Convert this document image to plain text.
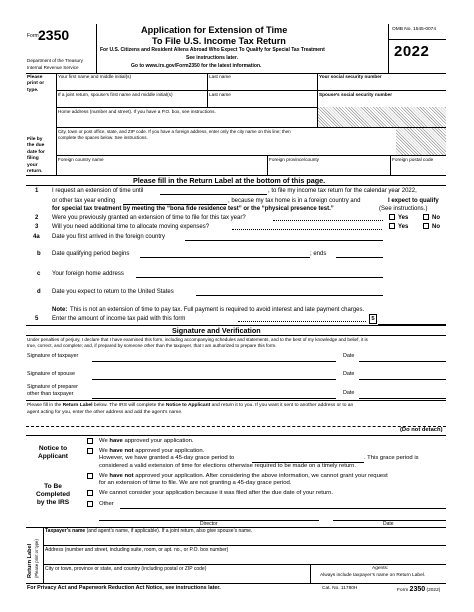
Form 2350
Department of the Treasury
Internal Revenue Service
Application for Extension of Time
To File U.S. Income Tax Return
For U.S. Citizens and Resident Aliens Abroad Who Expect To Qualify for Special Tax Treatment
See instructions later.
Go to www.irs.gov/Form2350 for the latest information.
OMB No. 1545-0074
2022
Please
print or
type.
File by
the due
date for
filing
your
return.
Your first name and middle initial(s)	Last name	Your social security number
If a joint return, spouse’s first name and middle initial(s)	Last name	Spouse’s social security number
Home address (number and street). If you have a P.O. box, see instructions.
City, town or post office, state, and ZIP code. If you have a foreign address, enter only the city name on this line; then
complete the spaces below. See instructions.
Foreign country name	Foreign province/county	Foreign postal code
Please fill in the Return Label at the bottom of this page.
1 I request an extension of time until	, to file my income tax return for the calendar year 2022,
or other tax year ending	, because my tax home is in a foreign country and	I expect to qualify
for special tax treatment by meeting the “bona fide residence test” or the “physical presence test.”	(See instructions.)
2 Were you previously granted an extension of time to file for this tax year?	Yes	No
3 Will you need additional time to allocate moving expenses?	Yes	No
4a Date you first arrived in the foreign country
b Date qualifying period begins	; ends
c Your foreign home address
d Date you expect to return to the United States
Note: This is not an extension of time to pay tax. Full payment is required to avoid interest and late payment charges.
5 Enter the amount of income tax paid with this form	5
Signature and Verification
Under penalties of perjury, I declare that I have examined this form, including accompanying schedules and statements, and to the best of my knowledge and belief, it is
true, correct, and complete; and, if prepared by someone other than the taxpayer, that I am authorized to prepare this form.
Signature of taxpayer	Date
Signature of spouse	Date
Signature of preparer
other than taxpayer	Date
Please fill in the Return Label below. The IRS will complete the Notice to Applicant and return it to you. If you want it sent to another address or to an
agent acting for you, enter the other address and add the agent’s name.
(Do not detach)
Notice to
Applicant
To Be
Completed
by the IRS
We have approved your application.
We have not approved your application.
However, we have granted a 45-day grace period to	. This grace period is
considered a valid extension of time for elections otherwise required to be made on a timely return.
We have not approved your application. After considering the above information, we cannot grant your request
for an extension of time to file. We are not granting a 45-day grace period.
We cannot consider your application because it was filed after the due date of your return.
Other
Director	Date
Return Label (Please print or type)
Taxpayer’s name (and agent’s name, if applicable). If a joint return, also give spouse’s name.
Address (number and street, including suite, room, or apt. no., or P.O. box number)
City or town, province or state, and country (including postal or ZIP code)	Agents:
Always include taxpayer’s name on Return Label.
For Privacy Act and Paperwork Reduction Act Notice, see instructions later.	Cat. No. 11780H	Form 2350 (2022)
